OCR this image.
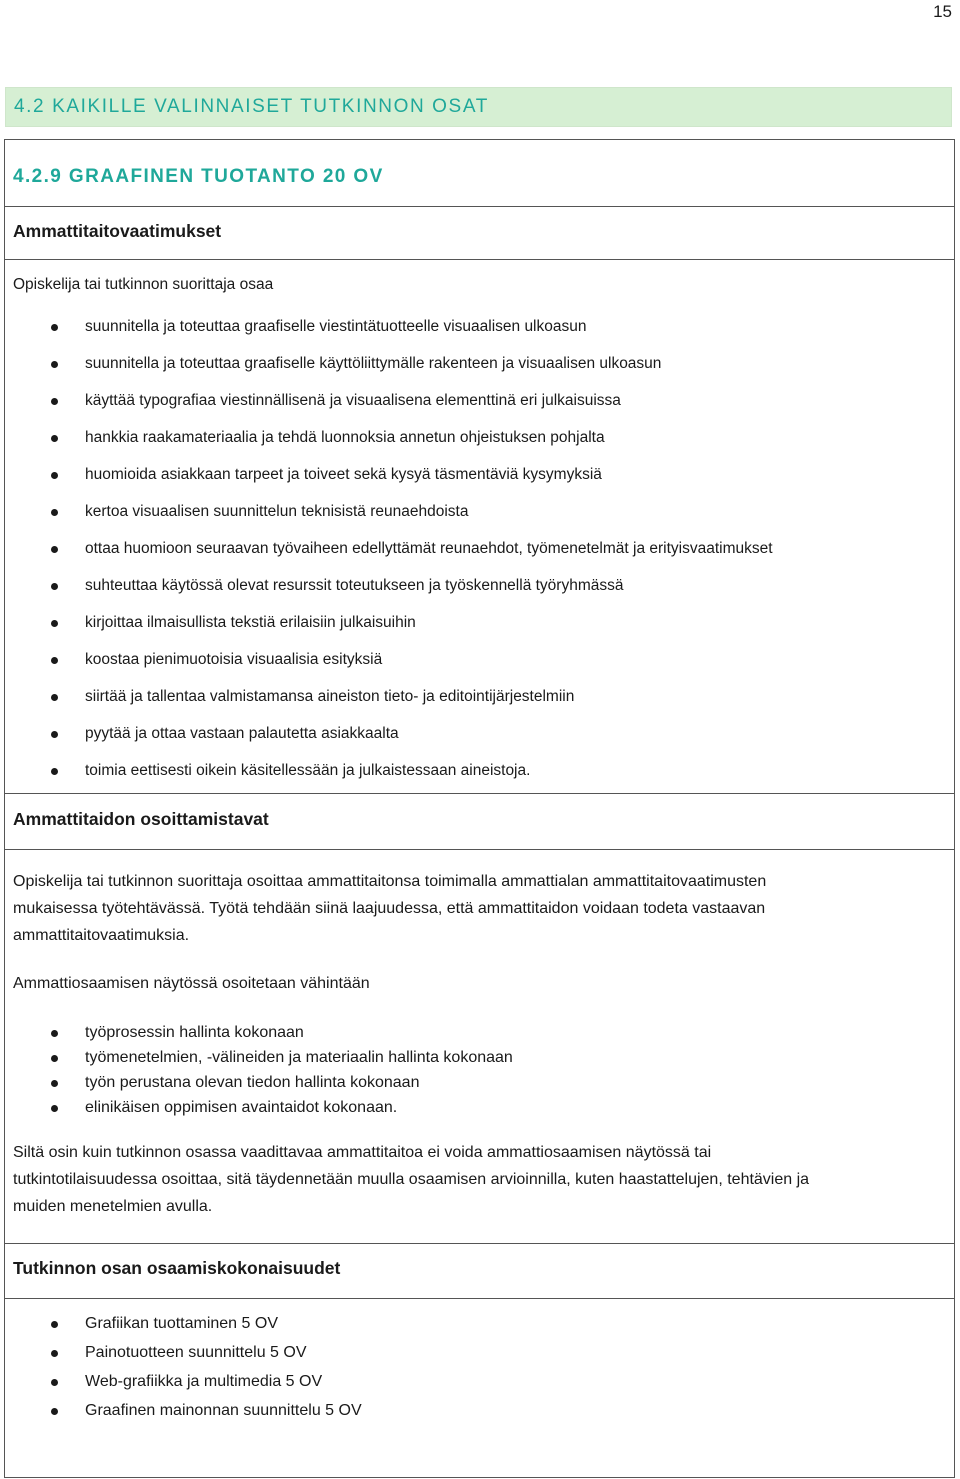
15
4.2 KAIKILLE VALINNAISET TUTKINNON OSAT
4.2.9 GRAAFINEN TUOTANTO 20 OV
Ammattitaitovaatimukset
Opiskelija tai tutkinnon suorittaja osaa
suunnitella ja toteuttaa graafiselle viestintätuotteelle visuaalisen ulkoasun
suunnitella ja toteuttaa graafiselle käyttöliittymälle rakenteen ja visuaalisen ulkoasun
käyttää typografiaa viestinnällisenä ja visuaalisena elementtinä eri julkaisuissa
hankkia raakamateriaalia ja tehdä luonnoksia annetun ohjeistuksen pohjalta
huomioida asiakkaan tarpeet ja toiveet sekä kysyä täsmentäviä kysymyksiä
kertoa visuaalisen suunnittelun teknisistä reunaehdoista
ottaa huomioon seuraavan työvaiheen edellyttämät reunaehdot, työmenetelmät ja erityisvaatimukset
suhteuttaa käytössä olevat resurssit toteutukseen ja työskennellä työryhmässä
kirjoittaa ilmaisullista tekstiä erilaisiin julkaisuihin
koostaa pienimuotoisia visuaalisia esityksiä
siirtää ja tallentaa valmistamansa aineiston tieto- ja editointijärjestelmiin
pyytää ja ottaa vastaan palautetta asiakkaalta
toimia eettisesti oikein käsitellessään ja julkaistessaan aineistoja.
Ammattitaidon osoittamistavat
Opiskelija tai tutkinnon suorittaja osoittaa ammattitaitonsa toimimalla ammattialan ammattitaitovaatimusten
mukaisessa työtehtävässä. Työtä tehdään siinä laajuudessa, että ammattitaidon voidaan todeta vastaavan
ammattitaitovaatimuksia.
Ammattiosaamisen näytössä osoitetaan vähintään
työprosessin hallinta kokonaan
työmenetelmien, -välineiden ja materiaalin hallinta kokonaan
työn perustana olevan tiedon hallinta kokonaan
elinikäisen oppimisen avaintaidot kokonaan.
Siltä osin kuin tutkinnon osassa vaadittavaa ammattitaitoa ei voida ammattiosaamisen näytössä tai
tutkintotilaisuudessa osoittaa, sitä täydennetään muulla osaamisen arvioinnilla, kuten haastattelujen, tehtävien ja
muiden menetelmien avulla.
Tutkinnon osan osaamiskokonaisuudet
Grafiikan tuottaminen 5 OV
Painotuotteen suunnittelu 5 OV
Web-grafiikka ja multimedia 5 OV
Graafinen mainonnan suunnittelu 5 OV
